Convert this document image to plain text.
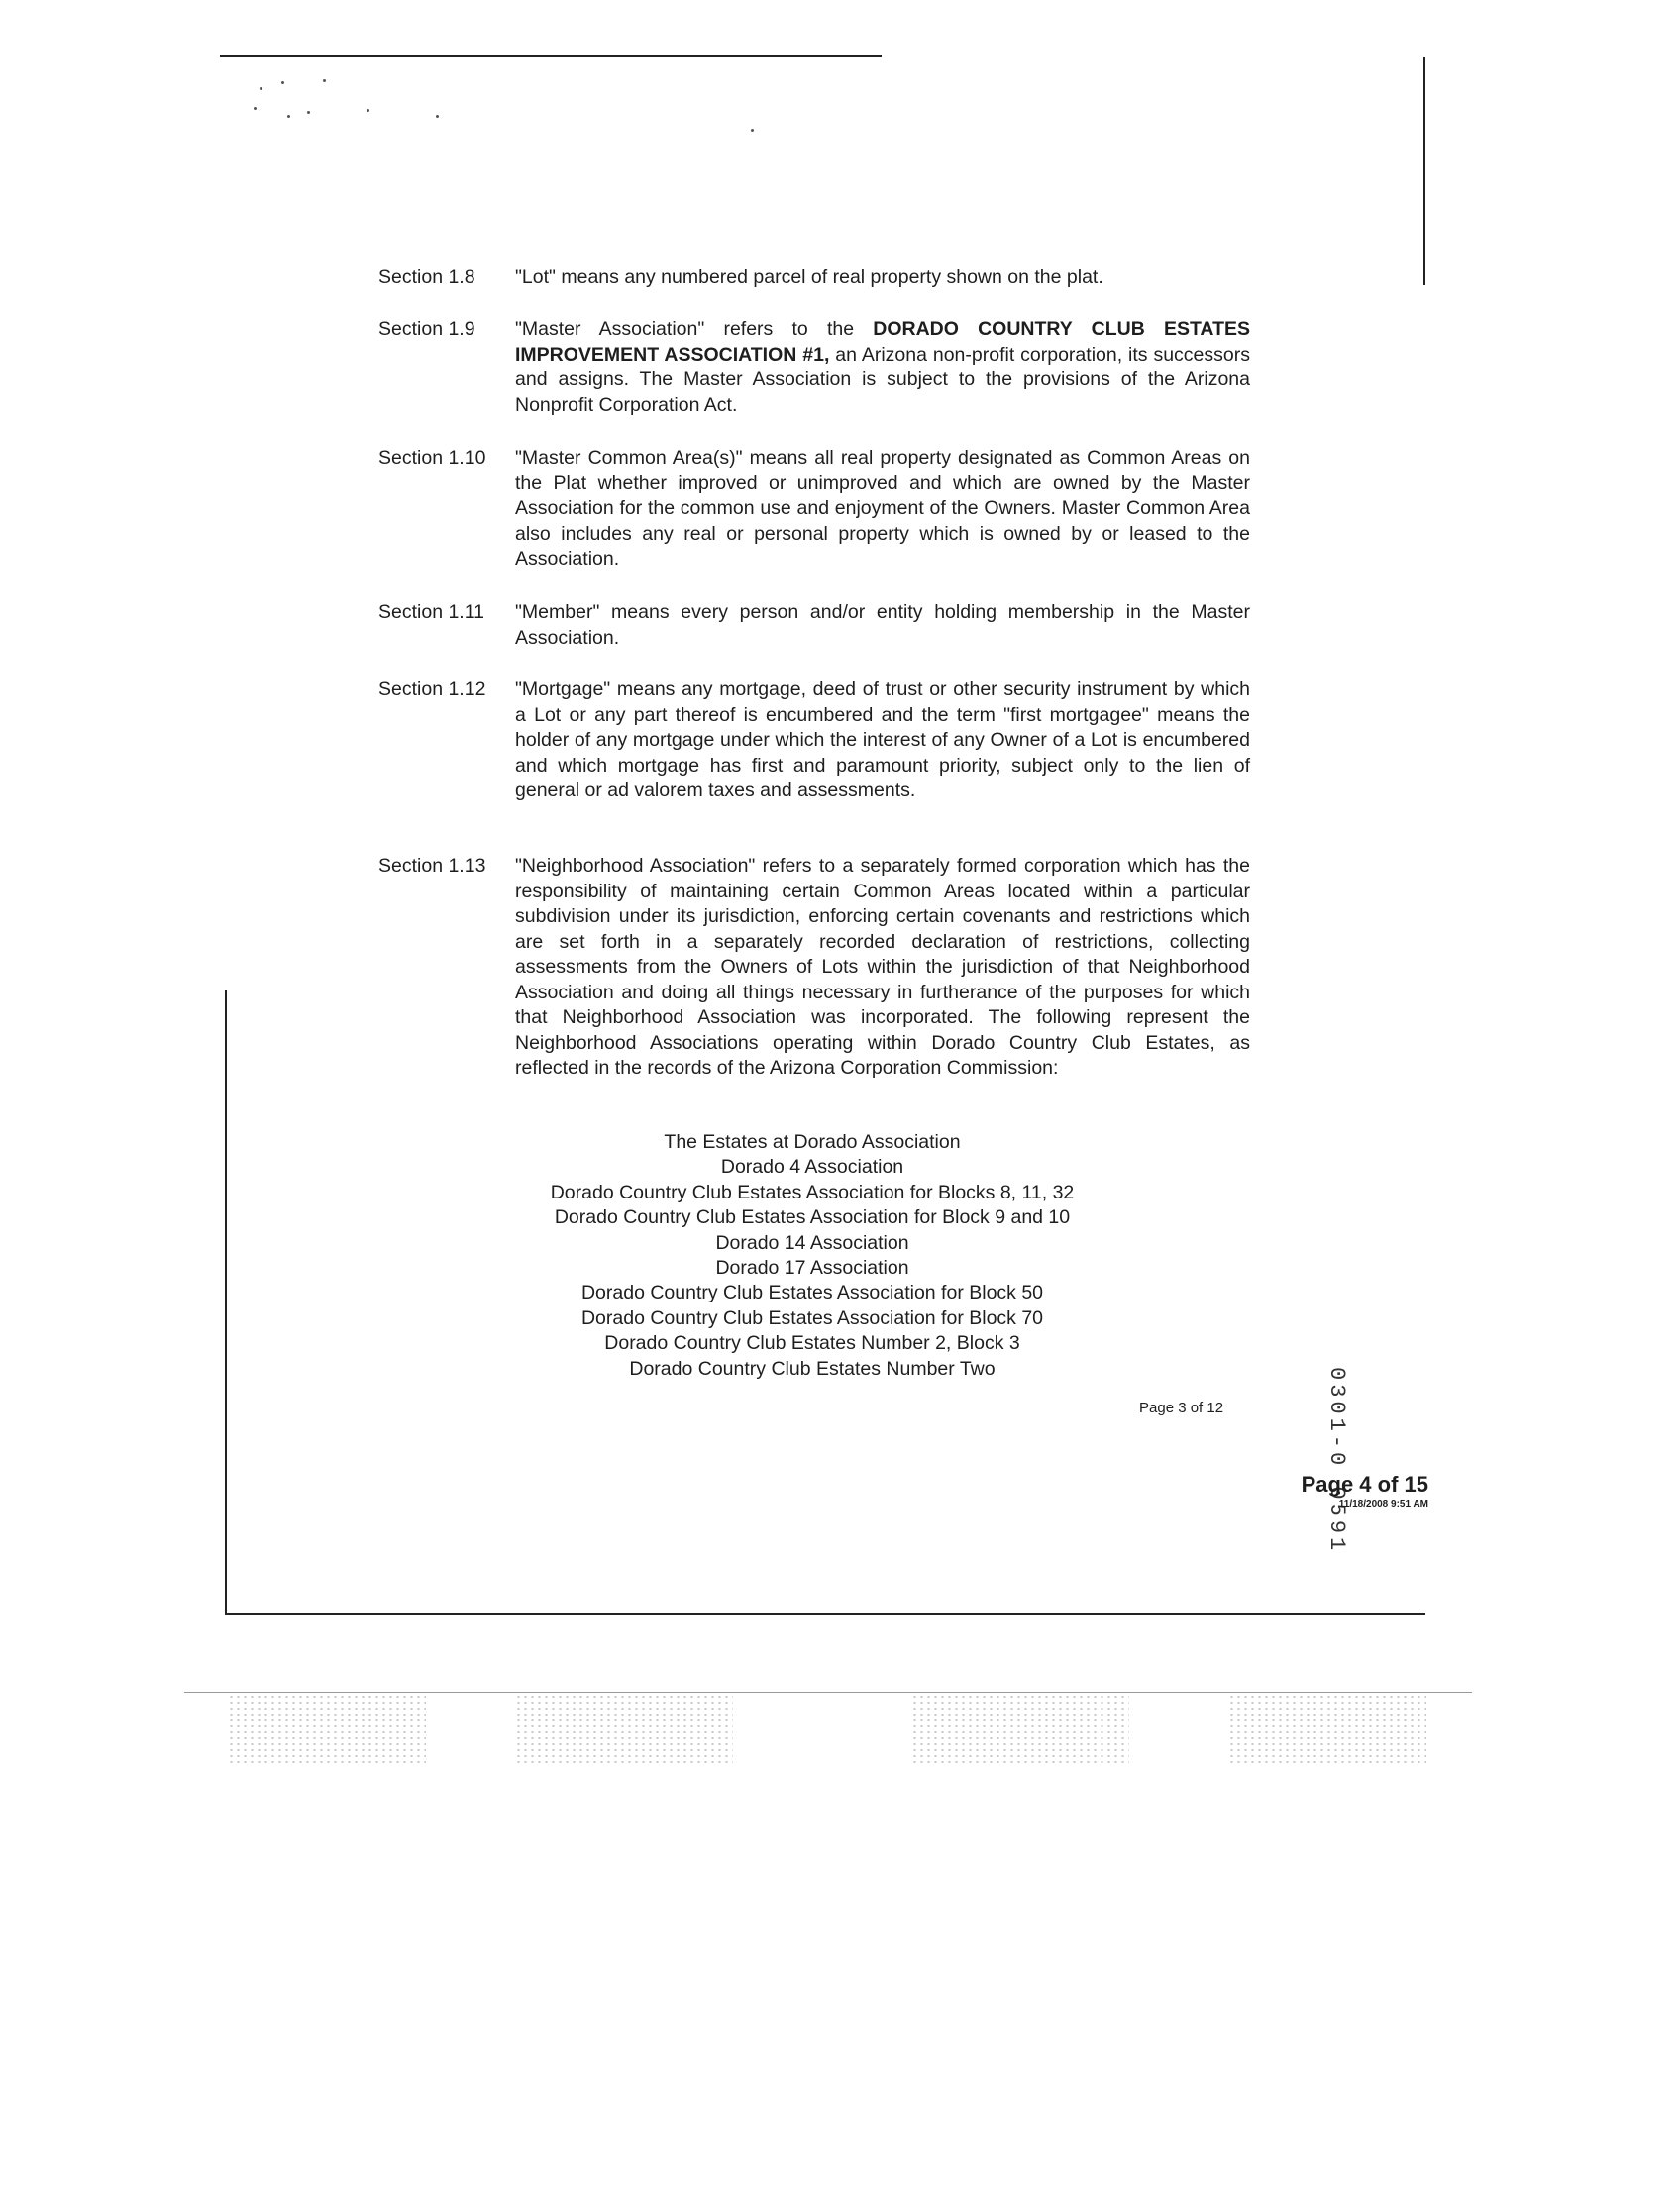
Section 1.8 "Lot" means any numbered parcel of real property shown on the plat.
Section 1.9 "Master Association" refers to the DORADO COUNTRY CLUB ESTATES IMPROVEMENT ASSOCIATION #1, an Arizona non-profit corporation, its successors and assigns. The Master Association is subject to the provisions of the Arizona Nonprofit Corporation Act.
Section 1.10 "Master Common Area(s)" means all real property designated as Common Areas on the Plat whether improved or unimproved and which are owned by the Master Association for the common use and enjoyment of the Owners. Master Common Area also includes any real or personal property which is owned by or leased to the Association.
Section 1.11 "Member" means every person and/or entity holding membership in the Master Association.
Section 1.12 "Mortgage" means any mortgage, deed of trust or other security instrument by which a Lot or any part thereof is encumbered and the term "first mortgagee" means the holder of any mortgage under which the interest of any Owner of a Lot is encumbered and which mortgage has first and paramount priority, subject only to the lien of general or ad valorem taxes and assessments.
Section 1.13 "Neighborhood Association" refers to a separately formed corporation which has the responsibility of maintaining certain Common Areas located within a particular subdivision under its jurisdiction, enforcing certain covenants and restrictions which are set forth in a separately recorded declaration of restrictions, collecting assessments from the Owners of Lots within the jurisdiction of that Neighborhood Association and doing all things necessary in furtherance of the purposes for which that Neighborhood Association was incorporated. The following represent the Neighborhood Associations operating within Dorado Country Club Estates, as reflected in the records of the Arizona Corporation Commission:
The Estates at Dorado Association
Dorado 4 Association
Dorado Country Club Estates Association for Blocks 8, 11, 32
Dorado Country Club Estates Association for Block 9 and 10
Dorado 14 Association
Dorado 17 Association
Dorado Country Club Estates Association for Block 50
Dorado Country Club Estates Association for Block 70
Dorado Country Club Estates Number 2, Block 3
Dorado Country Club Estates Number Two	0301-0 0591
Page 3 of 12
Page 4 of 15
11/18/2008 9:51 AM
